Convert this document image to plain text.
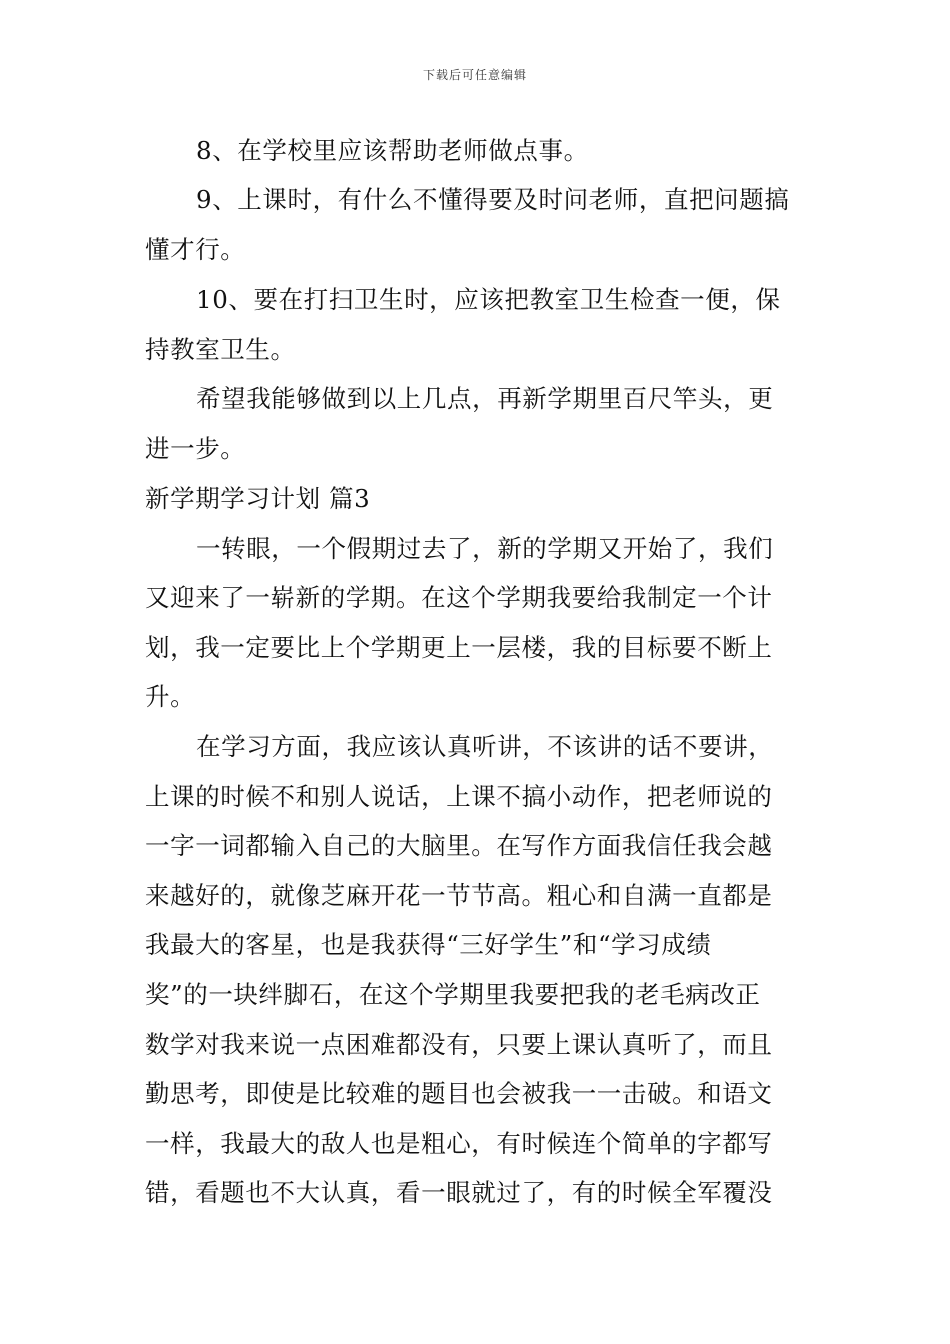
下载后可任意编辑
8、在学校里应该帮助老师做点事。
9、上课时，有什么不懂得要及时问老师，直把问题搞
懂才行。
10、要在打扫卫生时，应该把教室卫生检查一便，保
持教室卫生。
希望我能够做到以上几点，再新学期里百尺竿头，更
进一步。
新学期学习计划 篇3
一转眼，一个假期过去了，新的学期又开始了，我们
又迎来了一崭新的学期。在这个学期我要给我制定一个计
划，我一定要比上个学期更上一层楼，我的目标要不断上
升。
在学习方面，我应该认真听讲，不该讲的话不要讲，
上课的时候不和别人说话，上课不搞小动作，把老师说的
一字一词都输入自己的大脑里。在写作方面我信任我会越
来越好的，就像芝麻开花一节节高。粗心和自满一直都是
我最大的客星，也是我获得“三好学生”和“学习成绩
奖”的一块绊脚石，在这个学期里我要把我的老毛病改正
数学对我来说一点困难都没有，只要上课认真听了，而且
勤思考，即使是比较难的题目也会被我一一击破。和语文
一样，我最大的敌人也是粗心，有时候连个简单的字都写
错，看题也不大认真，看一眼就过了，有的时候全军覆没
